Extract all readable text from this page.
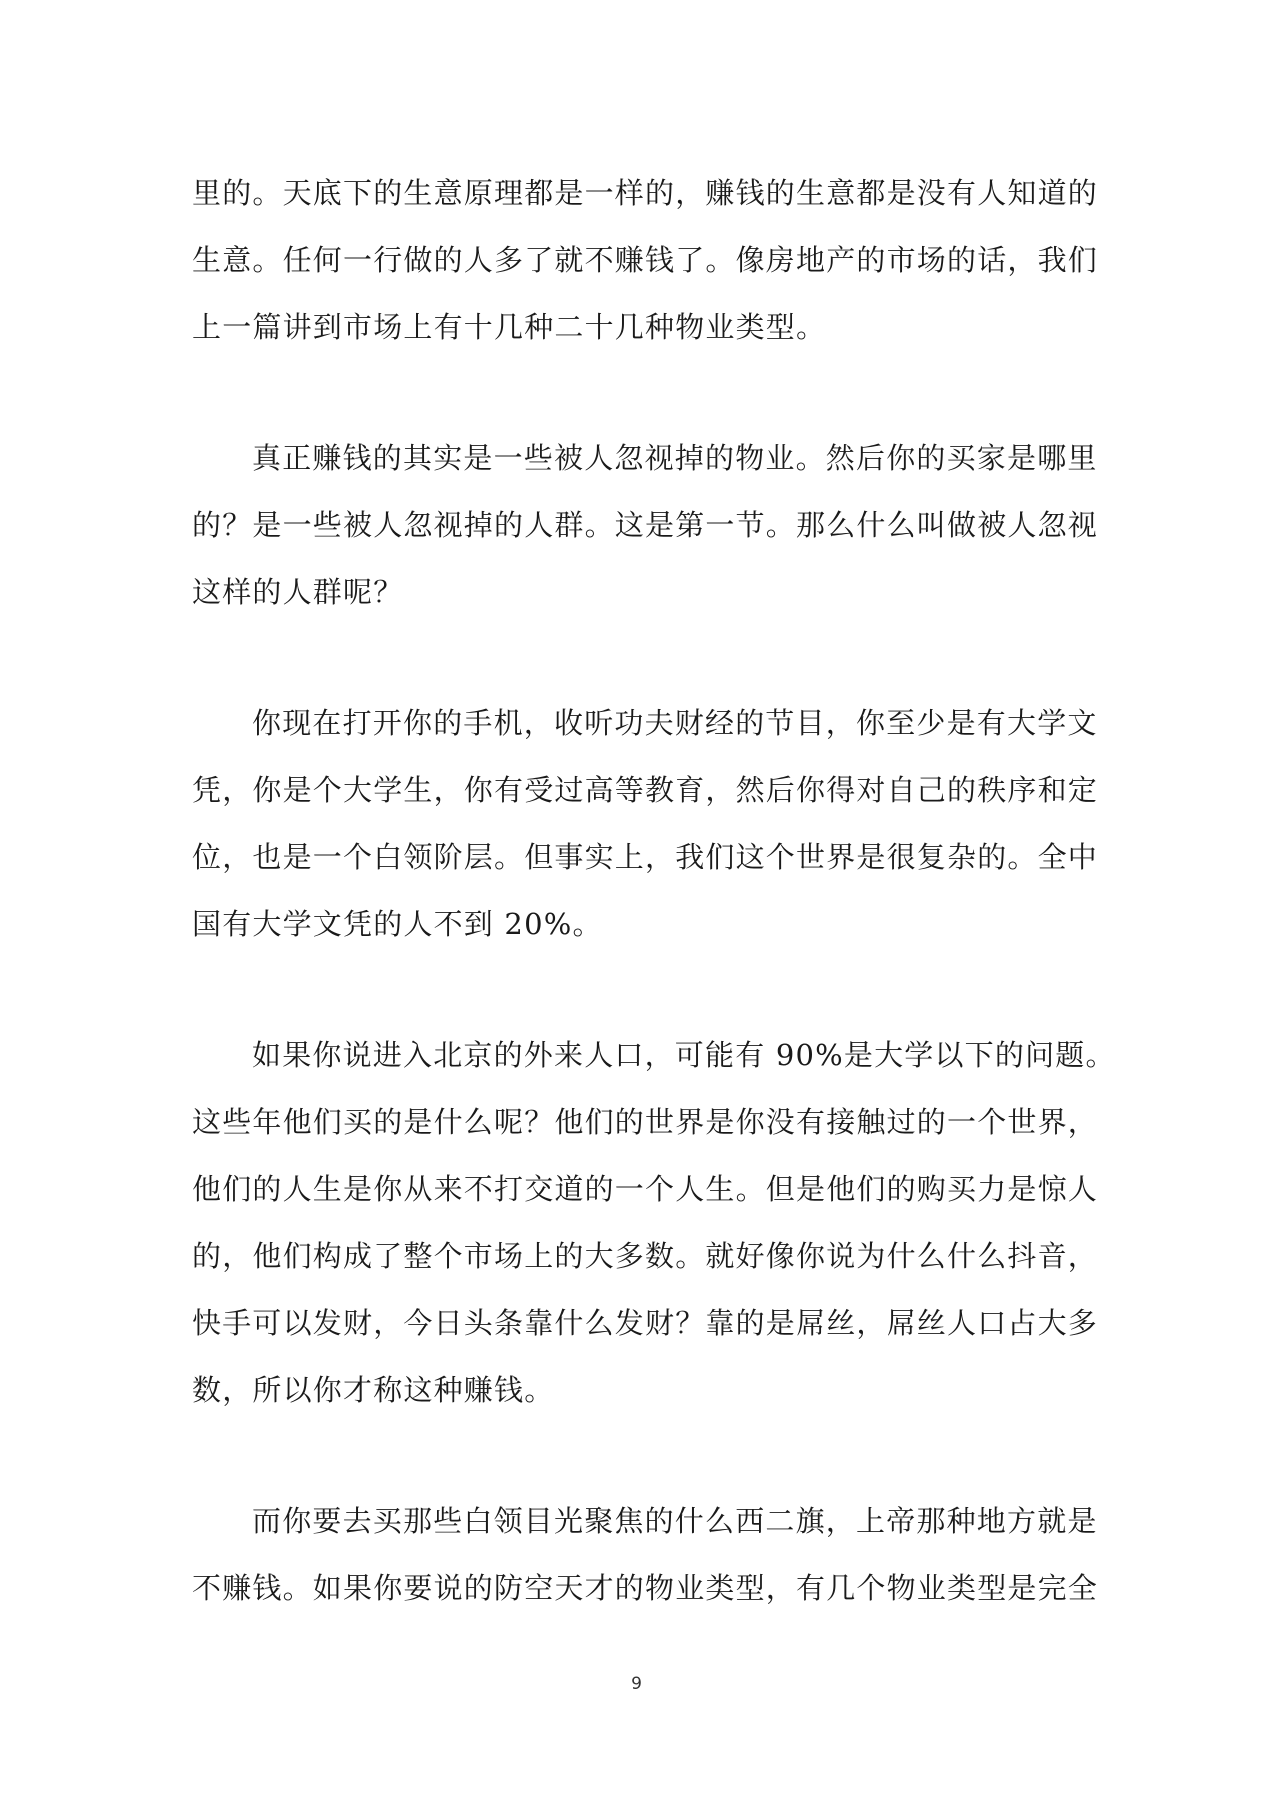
里的。天底下的生意原理都是一样的，赚钱的生意都是没有人知道的
生意。任何一行做的人多了就不赚钱了。像房地产的市场的话，我们
上一篇讲到市场上有十几种二十几种物业类型。

真正赚钱的其实是一些被人忽视掉的物业。然后你的买家是哪里
的？是一些被人忽视掉的人群。这是第一节。那么什么叫做被人忽视
这样的人群呢？

你现在打开你的手机，收听功夫财经的节目，你至少是有大学文
凭，你是个大学生，你有受过高等教育，然后你得对自己的秩序和定
位，也是一个白领阶层。但事实上，我们这个世界是很复杂的。全中
国有大学文凭的人不到 20%。

如果你说进入北京的外来人口，可能有 90%是大学以下的问题。
这些年他们买的是什么呢？他们的世界是你没有接触过的一个世界，
他们的人生是你从来不打交道的一个人生。但是他们的购买力是惊人
的，他们构成了整个市场上的大多数。就好像你说为什么什么抖音，
快手可以发财，今日头条靠什么发财？靠的是屌丝，屌丝人口占大多
数，所以你才称这种赚钱。

而你要去买那些白领目光聚焦的什么西二旗，上帝那种地方就是
不赚钱。如果你要说的防空天才的物业类型，有几个物业类型是完全

9
